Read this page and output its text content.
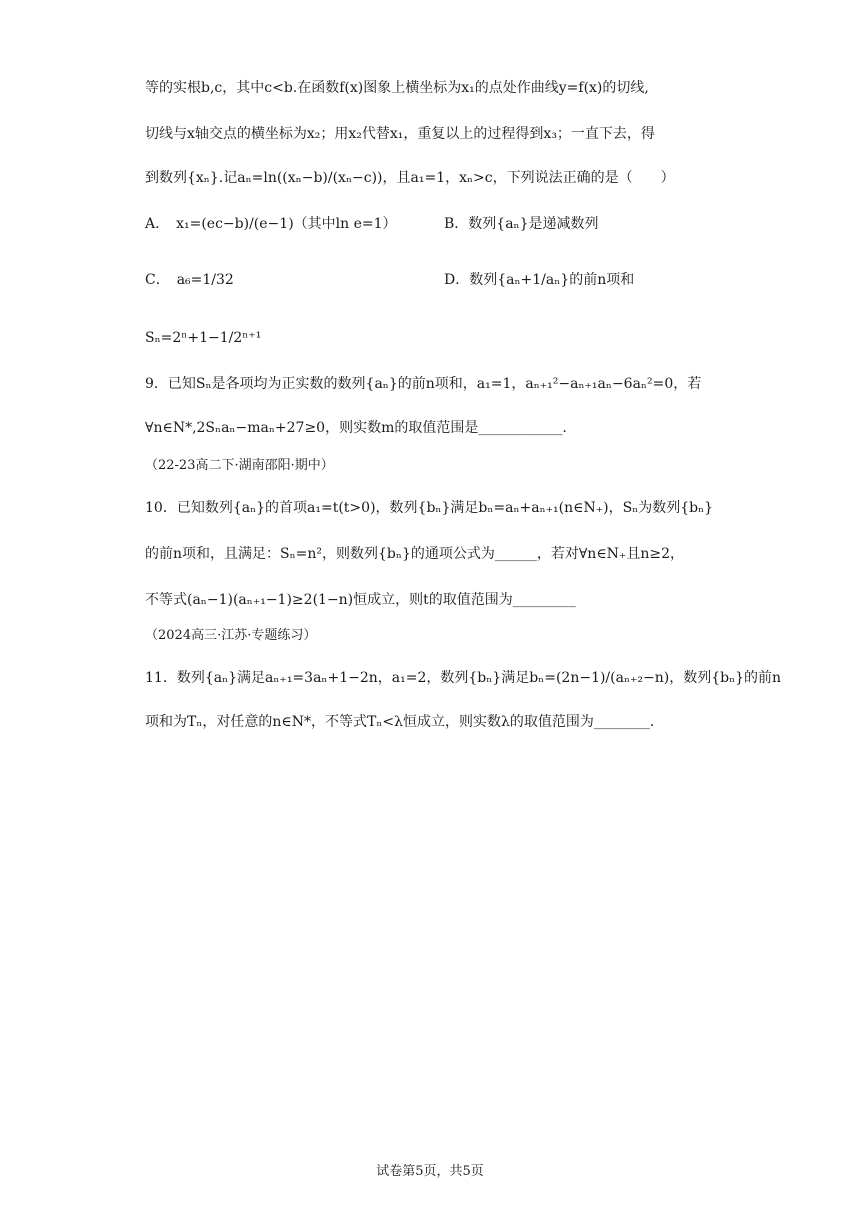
等的实根b,c，其中c<b.在函数f(x)图象上横坐标为x₁的点处作曲线y=f(x)的切线,
切线与x轴交点的横坐标为x₂；用x₂代替x₁，重复以上的过程得到x₃；一直下去，得
到数列{xₙ}.记aₙ=ln((xₙ−b)/(xₙ−c))，且a₁=1，xₙ>c，下列说法正确的是（　　）
A．　x₁=(ec−b)/(e−1)（其中ln e=1）	B．数列{aₙ}是递减数列
C．　a₆=1/32	D．数列{aₙ+1/aₙ}的前n项和
Sₙ=2ⁿ+1−1/2ⁿ⁺¹
9．已知Sₙ是各项均为正实数的数列{aₙ}的前n项和，a₁=1，aₙ₊₁²−aₙ₊₁aₙ−6aₙ²=0，若
∀n∈N*,2Sₙaₙ−maₙ+27≥0，则实数m的取值范围是____________.
（22-23高二下·湖南邵阳·期中）
10．已知数列{aₙ}的首项a₁=t(t>0)，数列{bₙ}满足bₙ=aₙ+aₙ₊₁(n∈N₊)，Sₙ为数列{bₙ}
的前n项和，且满足：Sₙ=n²，则数列{bₙ}的通项公式为______，若对∀n∈N₊且n≥2，
不等式(aₙ−1)(aₙ₊₁−1)≥2(1−n)恒成立，则t的取值范围为_________
（2024高三·江苏·专题练习）
11．数列{aₙ}满足aₙ₊₁=3aₙ+1−2n，a₁=2，数列{bₙ}满足bₙ=(2n−1)/(aₙ₊₂−n)，数列{bₙ}的前n
项和为Tₙ，对任意的n∈N*，不等式Tₙ<λ恒成立，则实数λ的取值范围为________.
试卷第5页，共5页
